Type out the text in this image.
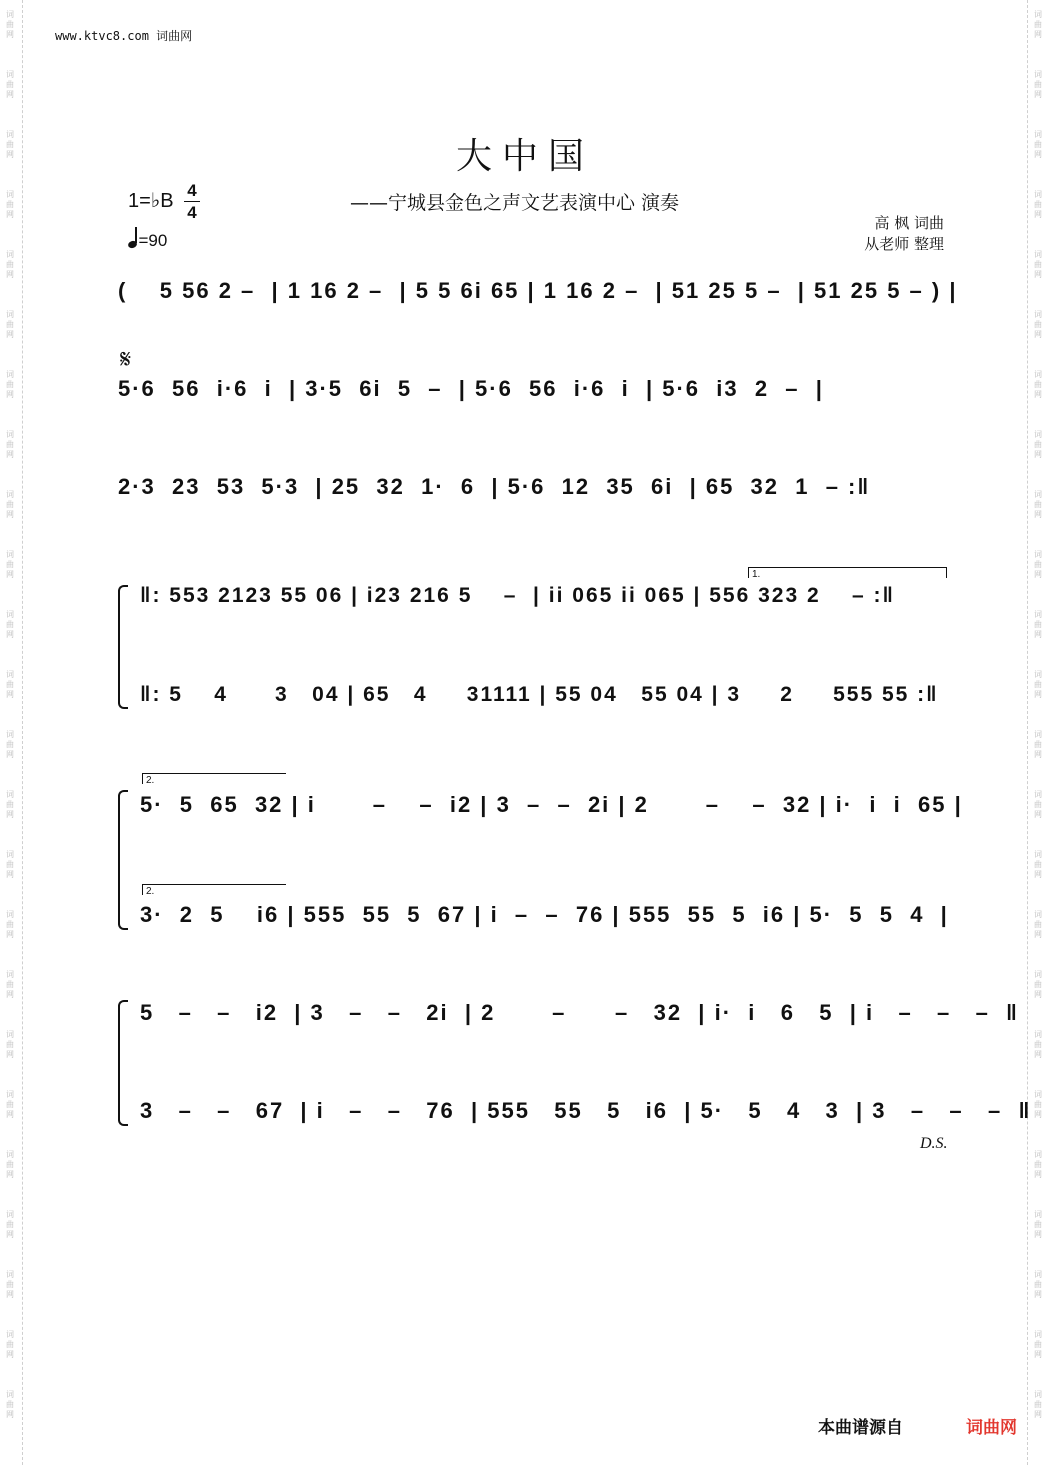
词
曲
网
词
曲
网
词
曲
网
词
曲
网
词
曲
网
词
曲
网
词
曲
网
词
曲
网
词
曲
网
词
曲
网
词
曲
网
词
曲
网
词
曲
网
词
曲
网
词
曲
网
词
曲
网
词
曲
网
词
曲
网
词
曲
网
词
曲
网
词
曲
网
词
曲
网
词
曲
网
词
曲
网
词
曲
网
词
曲
网
词
曲
网
词
曲
网
词
曲
网
词
曲
网
词
曲
网
词
曲
网
词
曲
网
词
曲
网
词
曲
网
词
曲
网
词
曲
网
词
曲
网
词
曲
网
词
曲
网
词
曲
网
词
曲
网
词
曲
网
词
曲
网
词
曲
网
词
曲
网
词
曲
网
词
曲
网
www.ktvc8.com 词曲网
大中国
1=♭B 4
4
=90
——宁城县金色之声文艺表演中心 演奏
高 枫 词曲
从老师 整理
𝄋
(    5 56 2 –  | 1 16 2 –  | 5 5 6i 65 | 1 16 2 –  | 51 25 5 –  | 51 25 5 – ) |
5·6  56  i·6  i  | 3·5  6i  5  –  | 5·6  56  i·6  i  | 5·6  i3  2  –  |
2·3  23  53  5·3  | 25  32  1·  6  | 5·6  12  35  6i  | 65  32  1  – :‖
1.
‖: 553 2123 55 06 | i23 216 5    –  | ii 065 ii 065 | 556 323 2    – :‖
‖: 5    4      3   04 | 65   4     31111 | 55 04   55 04 | 3     2     555 55 :‖
2.
5·  5  65  32 | i       –    –  i2 | 3  –  –  2i | 2       –    –  32 | i·  i  i  65 |
2.
3·  2  5    i6 | 555  55  5  67 | i  –  –  76 | 555  55  5  i6 | 5·  5  5  4  |
5   –   –   i2  | 3   –   –   2i  | 2       –      –   32  | i·  i   6   5  | i   –   –   –  ‖
3   –   –   67  | i   –   –   76  | 555   55   5   i6  | 5·   5   4   3  | 3   –   –   –  ‖
D.S.
本曲谱源自	词曲网
